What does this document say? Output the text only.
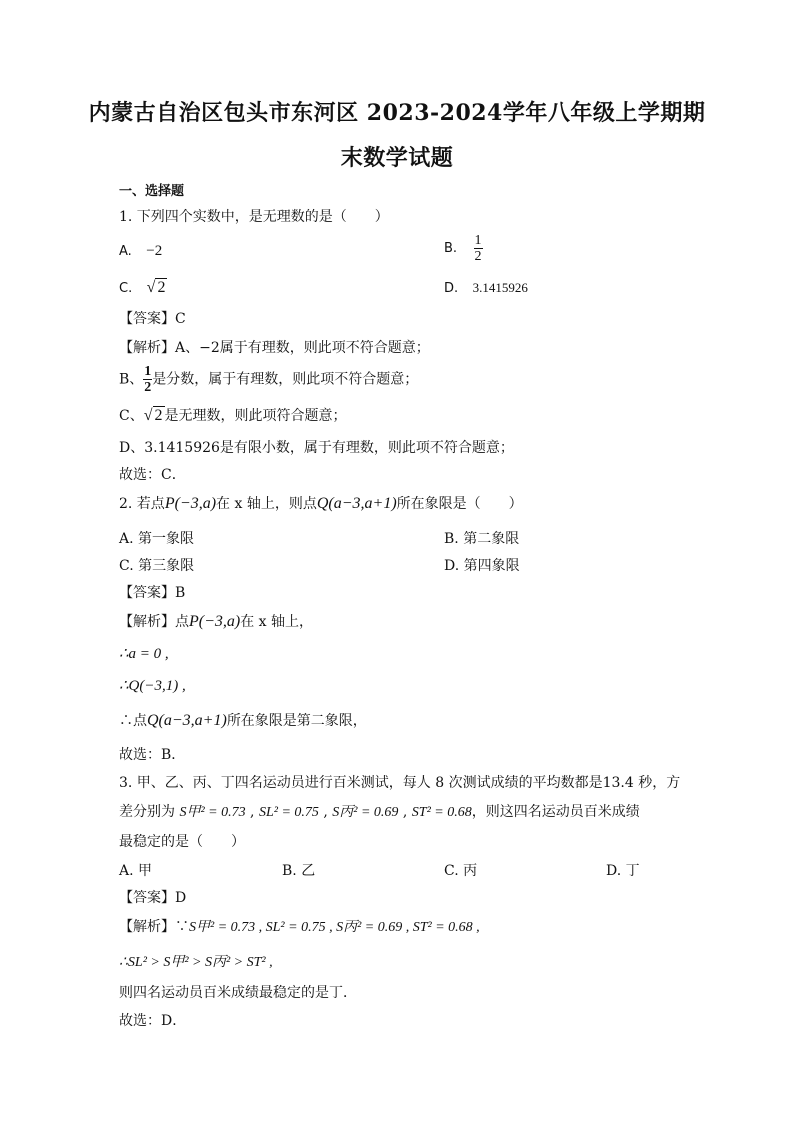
内蒙古自治区包头市东河区 2023-2024学年八年级上学期期
末数学试题
一、选择题
1. 下列四个实数中，是无理数的是（　　）
A. −2	B. $\frac{1}{2}$
C. √ 2	D. 3.1415926
【答案】C
【解析】A、−2属于有理数，则此项不符合题意；
B、 $\frac{1}{2}$ 是分数，属于有理数，则此项不符合题意；
C、√ 2 是无理数，则此项符合题意；
D、3.1415926是有限小数，属于有理数，则此项不符合题意；
故选：C．
2. 若点P(−3,a)在 x 轴上，则点Q(a−3,a+1)所在象限是（　　）
A. 第一象限	B. 第二象限
C. 第三象限	D. 第四象限
【答案】B
【解析】点P(−3,a)在 x 轴上，
∴a = 0 ,
∴Q(−3,1) ,
∴点Q(a−3,a+1)所在象限是第二象限，
故选：B．
3. 甲、乙、丙、丁四名运动员进行百米测试，每人 8 次测试成绩的平均数都是13.4 秒，方
差分别为 S甲² = 0.73 , SL² = 0.75 , S丙² = 0.69 , ST² = 0.68，则这四名运动员百米成绩
最稳定的是（　　）
A. 甲	B. 乙	C. 丙	D. 丁
【答案】D
【解析】∵S甲² = 0.73 , SL² = 0.75 , S丙² = 0.69 , ST² = 0.68 ,
∴SL² > S甲² > S丙² > ST² ,
则四名运动员百米成绩最稳定的是丁．
故选：D．
